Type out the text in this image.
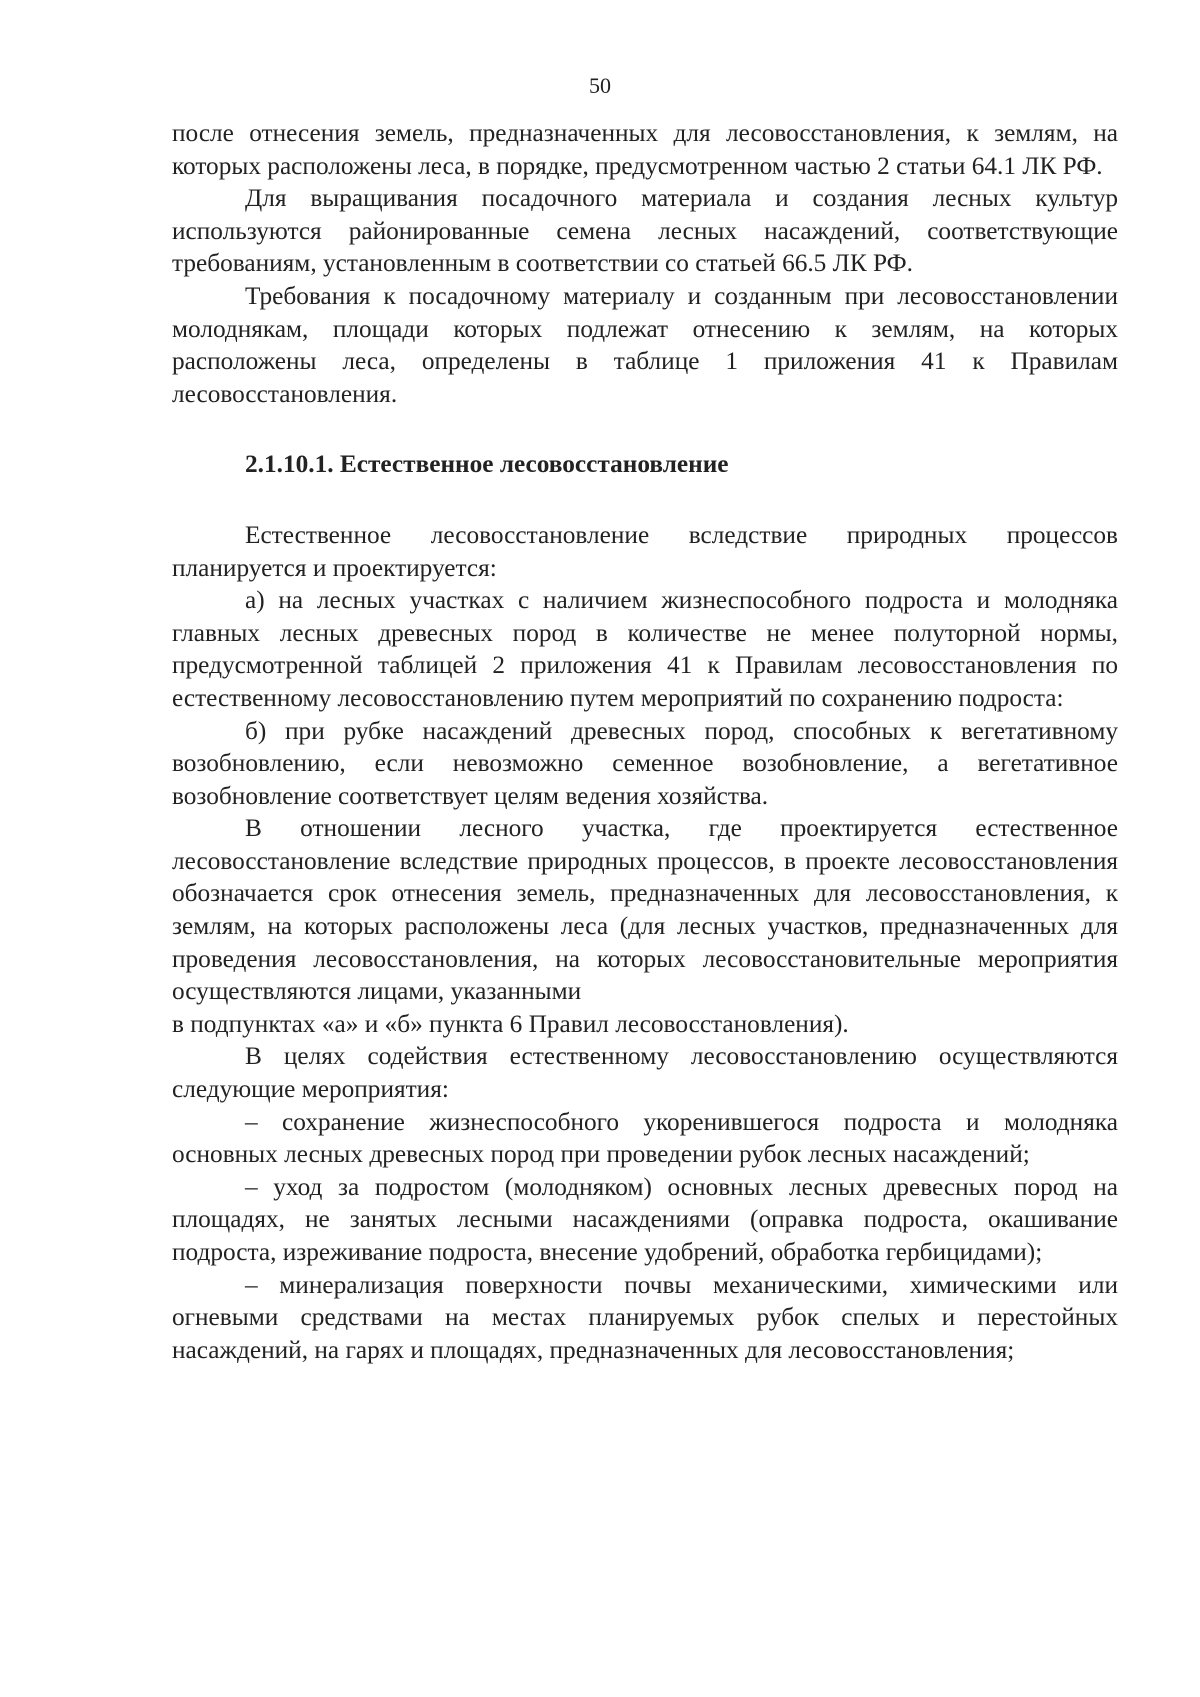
50

после отнесения земель, предназначенных для лесовосстановления, к землям, на которых расположены леса, в порядке, предусмотренном частью 2 статьи 64.1 ЛК РФ.

Для выращивания посадочного материала и создания лесных культур используются районированные семена лесных насаждений, соответствующие требованиям, установленным в соответствии со статьей 66.5 ЛК РФ.

Требования к посадочному материалу и созданным при лесовосстановлении молоднякам, площади которых подлежат отнесению к землям, на которых расположены леса, определены в таблице 1 приложения 41 к Правилам лесовосстановления.

2.1.10.1. Естественное лесовосстановление

Естественное лесовосстановление вследствие природных процессов планируется и проектируется:

а) на лесных участках с наличием жизнеспособного подроста и молодняка главных лесных древесных пород в количестве не менее полуторной нормы, предусмотренной таблицей 2 приложения 41 к Правилам лесовосстановления по естественному лесовосстановлению путем мероприятий по сохранению подроста:

б) при рубке насаждений древесных пород, способных к вегетативному возобновлению, если невозможно семенное возобновление, а вегетативное возобновление соответствует целям ведения хозяйства.

В отношении лесного участка, где проектируется естественное лесовосстановление вследствие природных процессов, в проекте лесовосстановления обозначается срок отнесения земель, предназначенных для лесовосстановления, к землям, на которых расположены леса (для лесных участков, предназначенных для проведения лесовосстановления, на которых лесовосстановительные мероприятия осуществляются лицами, указанными

в подпунктах «а» и «б» пункта 6 Правил лесовосстановления).

В целях содействия естественному лесовосстановлению осуществляются следующие мероприятия:

– сохранение жизнеспособного укоренившегося подроста и молодняка основных лесных древесных пород при проведении рубок лесных насаждений;

– уход за подростом (молодняком) основных лесных древесных пород на площадях, не занятых лесными насаждениями (оправка подроста, окашивание подроста, изреживание подроста, внесение удобрений, обработка гербицидами);

– минерализация поверхности почвы механическими, химическими или огневыми средствами на местах планируемых рубок спелых и перестойных насаждений, на гарях и площадях, предназначенных для лесовосстановления;
